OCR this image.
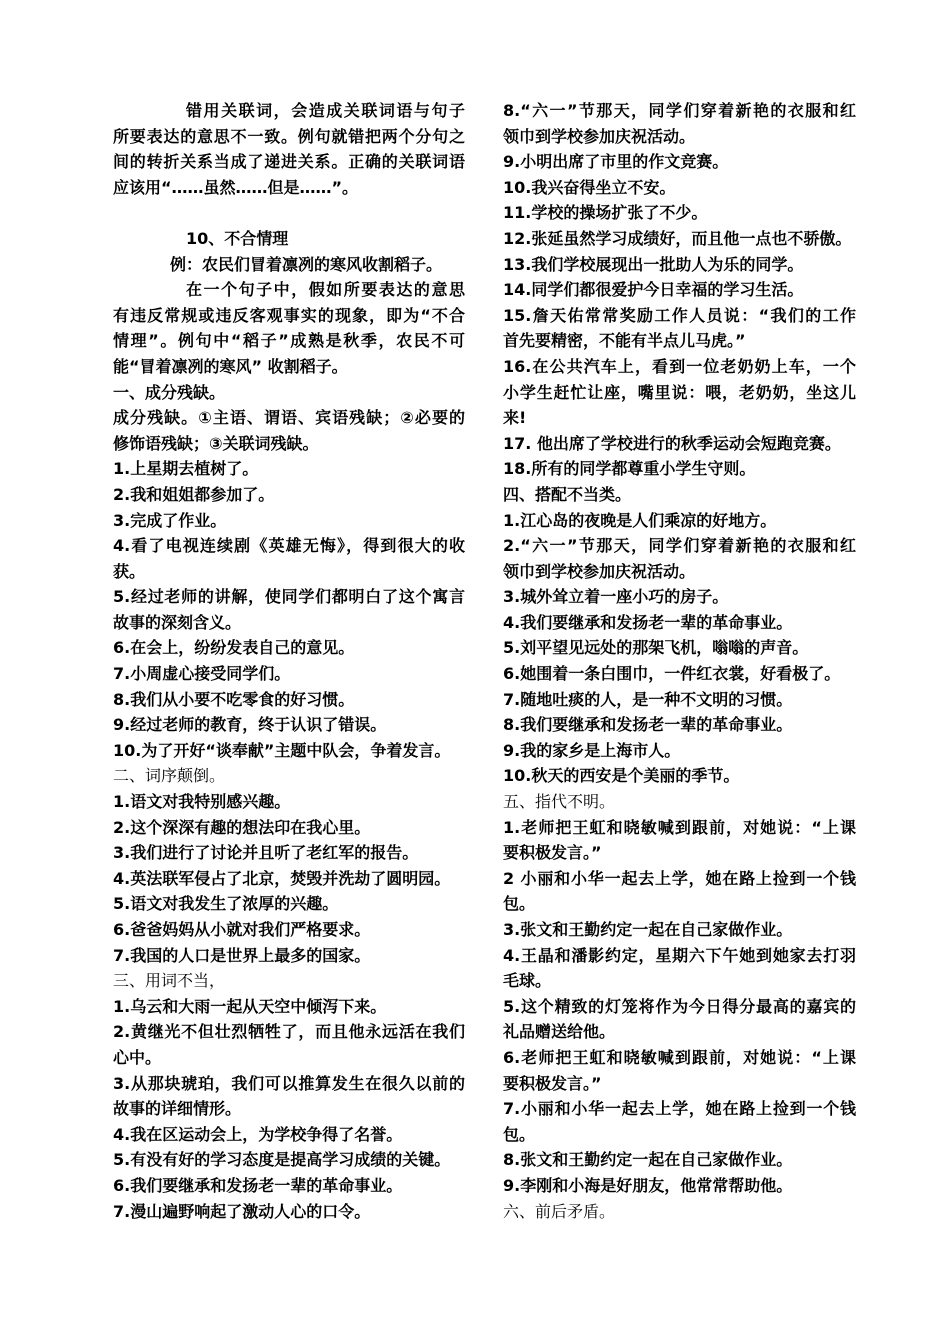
错用关联词，会造成关联词语与句子
所要表达的意思不一致。例句就错把两个分句之
间的转折关系当成了递进关系。正确的关联词语
应该用“……虽然……但是……”。
10、不合情理
例：农民们冒着凛冽的寒风收割稻子。
在一个句子中，假如所要表达的意思
有违反常规或违反客观事实的现象，即为“不合
情理”。例句中“稻子”成熟是秋季，农民不可
能“冒着凛冽的寒风” 收割稻子。
一、成分残缺。
成分残缺。①主语、谓语、宾语残缺；②必要的
修饰语残缺；③关联词残缺。
1.上星期去植树了。
2.我和姐姐都参加了。
3.完成了作业。
4.看了电视连续剧《英雄无悔》，得到很大的收
获。
5.经过老师的讲解，使同学们都明白了这个寓言
故事的深刻含义。
6.在会上，纷纷发表自己的意见。
7.小周虚心接受同学们。
8.我们从小要不吃零食的好习惯。
9.经过老师的教育，终于认识了错误。
10.为了开好“谈奉献”主题中队会，争着发言。
二、词序颠倒。
1.语文对我特别感兴趣。
2.这个深深有趣的想法印在我心里。
3.我们进行了讨论并且听了老红军的报告。
4.英法联军侵占了北京，焚毁并洗劫了圆明园。
5.语文对我发生了浓厚的兴趣。
6.爸爸妈妈从小就对我们严格要求。
7.我国的人口是世界上最多的国家。
三、用词不当，
1.乌云和大雨一起从天空中倾泻下来。
2.黄继光不但壮烈牺牲了，而且他永远活在我们
心中。
3.从那块琥珀，我们可以推算发生在很久以前的
故事的详细情形。
4.我在区运动会上，为学校争得了名誉。
5.有没有好的学习态度是提高学习成绩的关键。
6.我们要继承和发扬老一辈的革命事业。
7.漫山遍野响起了激动人心的口令。
8.“六一”节那天，同学们穿着新艳的衣服和红
领巾到学校参加庆祝活动。
9.小明出席了市里的作文竞赛。
10.我兴奋得坐立不安。
11.学校的操场扩张了不少。
12.张延虽然学习成绩好，而且他一点也不骄傲。
13.我们学校展现出一批助人为乐的同学。
14.同学们都很爱护今日幸福的学习生活。
15.詹天佑常常奖励工作人员说：“我们的工作
首先要精密，不能有半点儿马虎。”
16.在公共汽车上，看到一位老奶奶上车，一个
小学生赶忙让座，嘴里说：喂，老奶奶，坐这儿
来!
17. 他出席了学校进行的秋季运动会短跑竞赛。
18.所有的同学都尊重小学生守则。
四、搭配不当类。
1.江心岛的夜晚是人们乘凉的好地方。
2.“六一”节那天，同学们穿着新艳的衣服和红
领巾到学校参加庆祝活动。
3.城外耸立着一座小巧的房子。
4.我们要继承和发扬老一辈的革命事业。
5.刘平望见远处的那架飞机，嗡嗡的声音。
6.她围着一条白围巾，一件红衣裳，好看极了。
7.随地吐痰的人，是一种不文明的习惯。
8.我们要继承和发扬老一辈的革命事业。
9.我的家乡是上海市人。
10.秋天的西安是个美丽的季节。
五、指代不明。
1.老师把王虹和晓敏喊到跟前，对她说：“上课
要积极发言。”
2 小丽和小华一起去上学，她在路上捡到一个钱
包。
3.张文和王勤约定一起在自己家做作业。
4.王晶和潘影约定，星期六下午她到她家去打羽
毛球。
5.这个精致的灯笼将作为今日得分最高的嘉宾的
礼品赠送给他。
6.老师把王虹和晓敏喊到跟前，对她说：“上课
要积极发言。”
7.小丽和小华一起去上学，她在路上捡到一个钱
包。
8.张文和王勤约定一起在自己家做作业。
9.李刚和小海是好朋友，他常常帮助他。
六、前后矛盾。
